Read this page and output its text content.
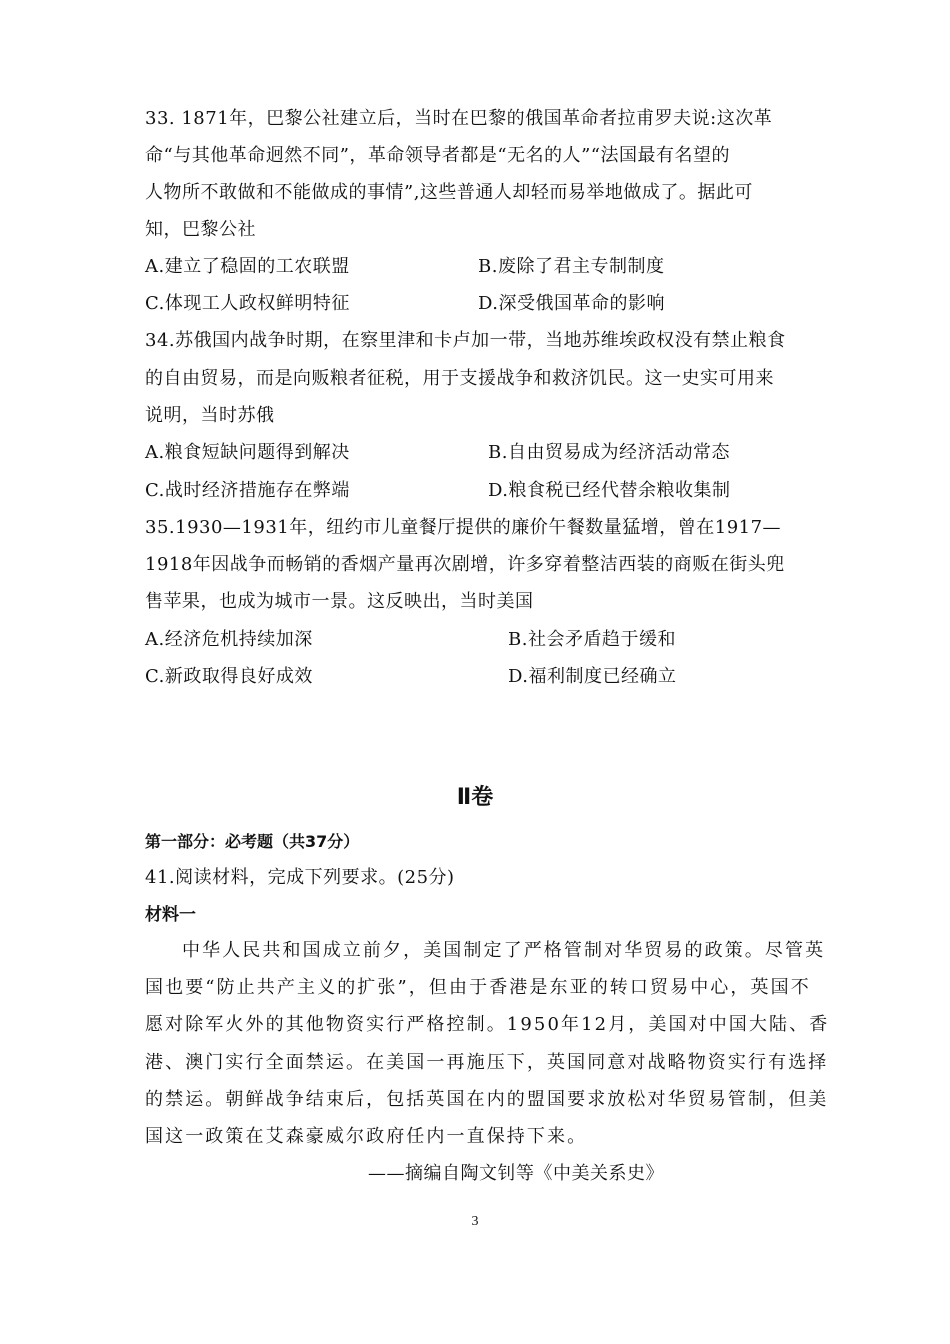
33. 1871年，巴黎公社建立后，当时在巴黎的俄国革命者拉甫罗夫说:这次革
命“与其他革命迥然不同”，革命领导者都是“无名的人”“法国最有名望的
人物所不敢做和不能做成的事情”,这些普通人却轻而易举地做成了。据此可
知，巴黎公社
A.建立了稳固的工农联盟	B.废除了君主专制制度
C.体现工人政权鲜明特征	D.深受俄国革命的影响
34.苏俄国内战争时期，在察里津和卡卢加一带，当地苏维埃政权没有禁止粮食
的自由贸易，而是向贩粮者征税，用于支援战争和救济饥民。这一史实可用来
说明，当时苏俄
A.粮食短缺问题得到解决	B.自由贸易成为经济活动常态
C.战时经济措施存在弊端	D.粮食税已经代替余粮收集制
35.1930—1931年，纽约市儿童餐厅提供的廉价午餐数量猛增，曾在1917—
1918年因战争而畅销的香烟产量再次剧增，许多穿着整洁西装的商贩在街头兜
售苹果，也成为城市一景。这反映出，当时美国
A.经济危机持续加深	B.社会矛盾趋于缓和
C.新政取得良好成效	D.福利制度已经确立
Ⅱ卷
第一部分：必考题（共37分）
41.阅读材料，完成下列要求。(25分)
材料一
中华人民共和国成立前夕，美国制定了严格管制对华贸易的政策。尽管英
国也要“防止共产主义的扩张”，但由于香港是东亚的转口贸易中心，英国不
愿对除军火外的其他物资实行严格控制。1950年12月，美国对中国大陆、香
港、澳门实行全面禁运。在美国一再施压下，英国同意对战略物资实行有选择
的禁运。朝鲜战争结束后，包括英国在内的盟国要求放松对华贸易管制，但美
国这一政策在艾森豪威尔政府任内一直保持下来。
——摘编自陶文钊等《中美关系史》
3
